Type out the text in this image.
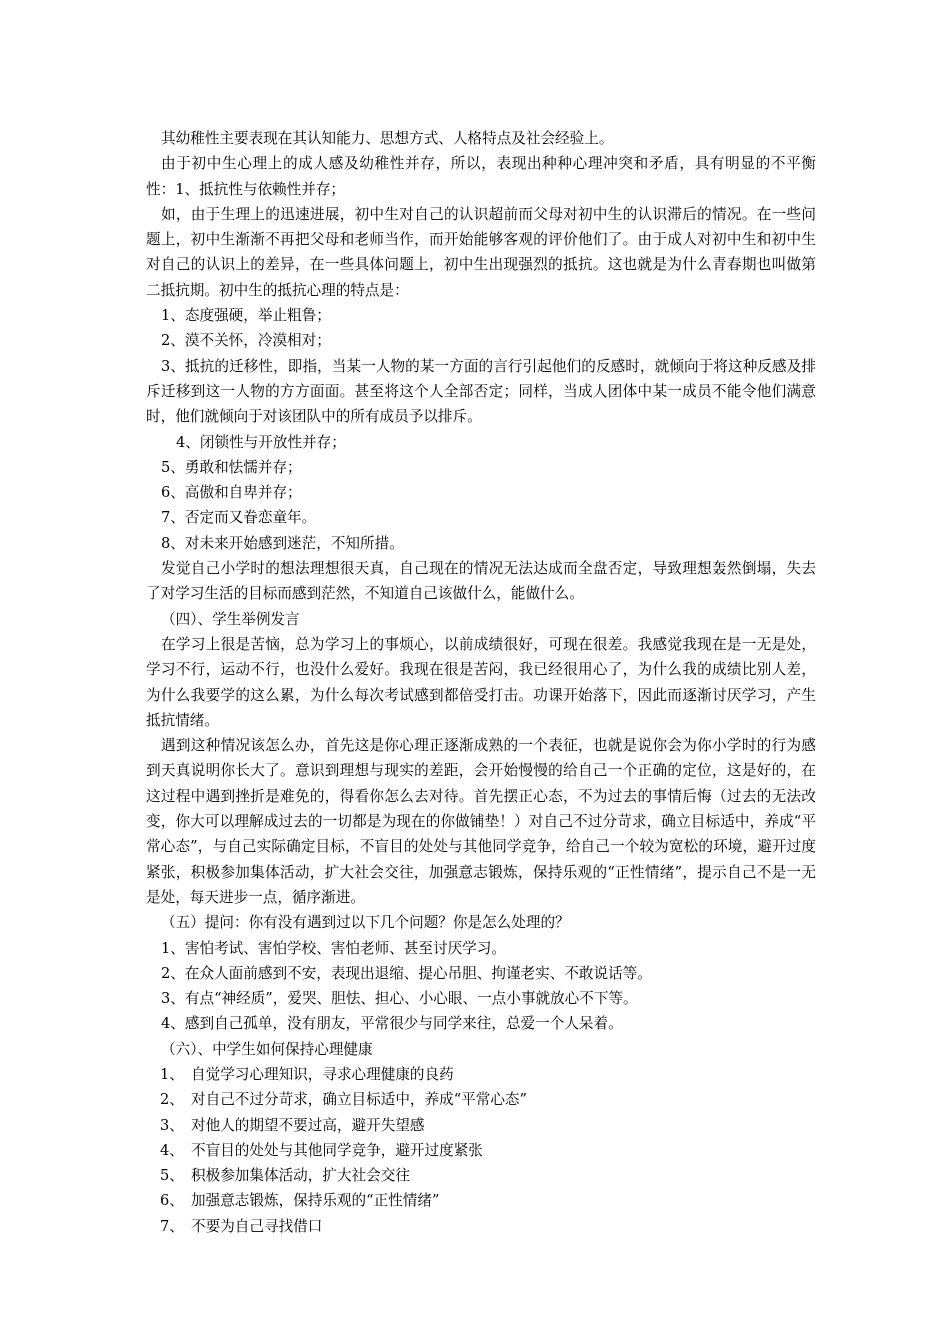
其幼稚性主要表现在其认知能力、思想方式、人格特点及社会经验上。

由于初中生心理上的成人感及幼稚性并存，所以，表现出种种心理冲突和矛盾，具有明显的不平衡性：1、抵抗性与依赖性并存；

如，由于生理上的迅速进展，初中生对自己的认识超前而父母对初中生的认识滞后的情况。在一些问题上，初中生渐渐不再把父母和老师当作，而开始能够客观的评价他们了。由于成人对初中生和初中生对自己的认识上的差异，在一些具体问题上，初中生出现强烈的抵抗。这也就是为什么青春期也叫做第二抵抗期。初中生的抵抗心理的特点是：

1、态度强硬，举止粗鲁；

2、漠不关怀，冷漠相对；

3、抵抗的迁移性，即指，当某一人物的某一方面的言行引起他们的反感时，就倾向于将这种反感及排斥迁移到这一人物的方方面面。甚至将这个人全部否定；同样，当成人团体中某一成员不能令他们满意时，他们就倾向于对该团队中的所有成员予以排斥。

4、闭锁性与开放性并存；

5、勇敢和怯懦并存；

6、高傲和自卑并存；

7、否定而又眷恋童年。

8、对未来开始感到迷茫，不知所措。

发觉自己小学时的想法理想很天真，自己现在的情况无法达成而全盘否定，导致理想轰然倒塌，失去了对学习生活的目标而感到茫然，不知道自己该做什么，能做什么。

（四）、学生举例发言

在学习上很是苦恼，总为学习上的事烦心，以前成绩很好，可现在很差。我感觉我现在是一无是处，学习不行，运动不行，也没什么爱好。我现在很是苦闷，我已经很用心了，为什么我的成绩比别人差，为什么我要学的这么累，为什么每次考试感到都倍受打击。功课开始落下，因此而逐渐讨厌学习，产生抵抗情绪。

遇到这种情况该怎么办，首先这是你心理正逐渐成熟的一个表征，也就是说你会为你小学时的行为感到天真说明你长大了。意识到理想与现实的差距，会开始慢慢的给自己一个正确的定位，这是好的，在这过程中遇到挫折是难免的，得看你怎么去对待。首先摆正心态，不为过去的事情后悔（过去的无法改变，你大可以理解成过去的一切都是为现在的你做铺垫！）对自己不过分苛求，确立目标适中，养成“平常心态”，与自己实际确定目标，不盲目的处处与其他同学竞争，给自己一个较为宽松的环境，避开过度紧张，积极参加集体活动，扩大社会交往，加强意志锻炼，保持乐观的“正性情绪”，提示自己不是一无是处，每天进步一点，循序渐进。

（五）提问：你有没有遇到过以下几个问题？你是怎么处理的？

1、害怕考试、害怕学校、害怕老师、甚至讨厌学习。

2、在众人面前感到不安，表现出退缩、提心吊胆、拘谨老实、不敢说话等。

3、有点“神经质”，爱哭、胆怯、担心、小心眼、一点小事就放心不下等。

4、感到自己孤单，没有朋友，平常很少与同学来往，总爱一个人呆着。

（六）、中学生如何保持心理健康

1、 自觉学习心理知识，寻求心理健康的良药
2、 对自己不过分苛求，确立目标适中，养成“平常心态”
3、 对他人的期望不要过高，避开失望感
4、 不盲目的处处与其他同学竞争，避开过度紧张
5、 积极参加集体活动，扩大社会交往
6、 加强意志锻炼，保持乐观的“正性情绪”
7、 不要为自己寻找借口
